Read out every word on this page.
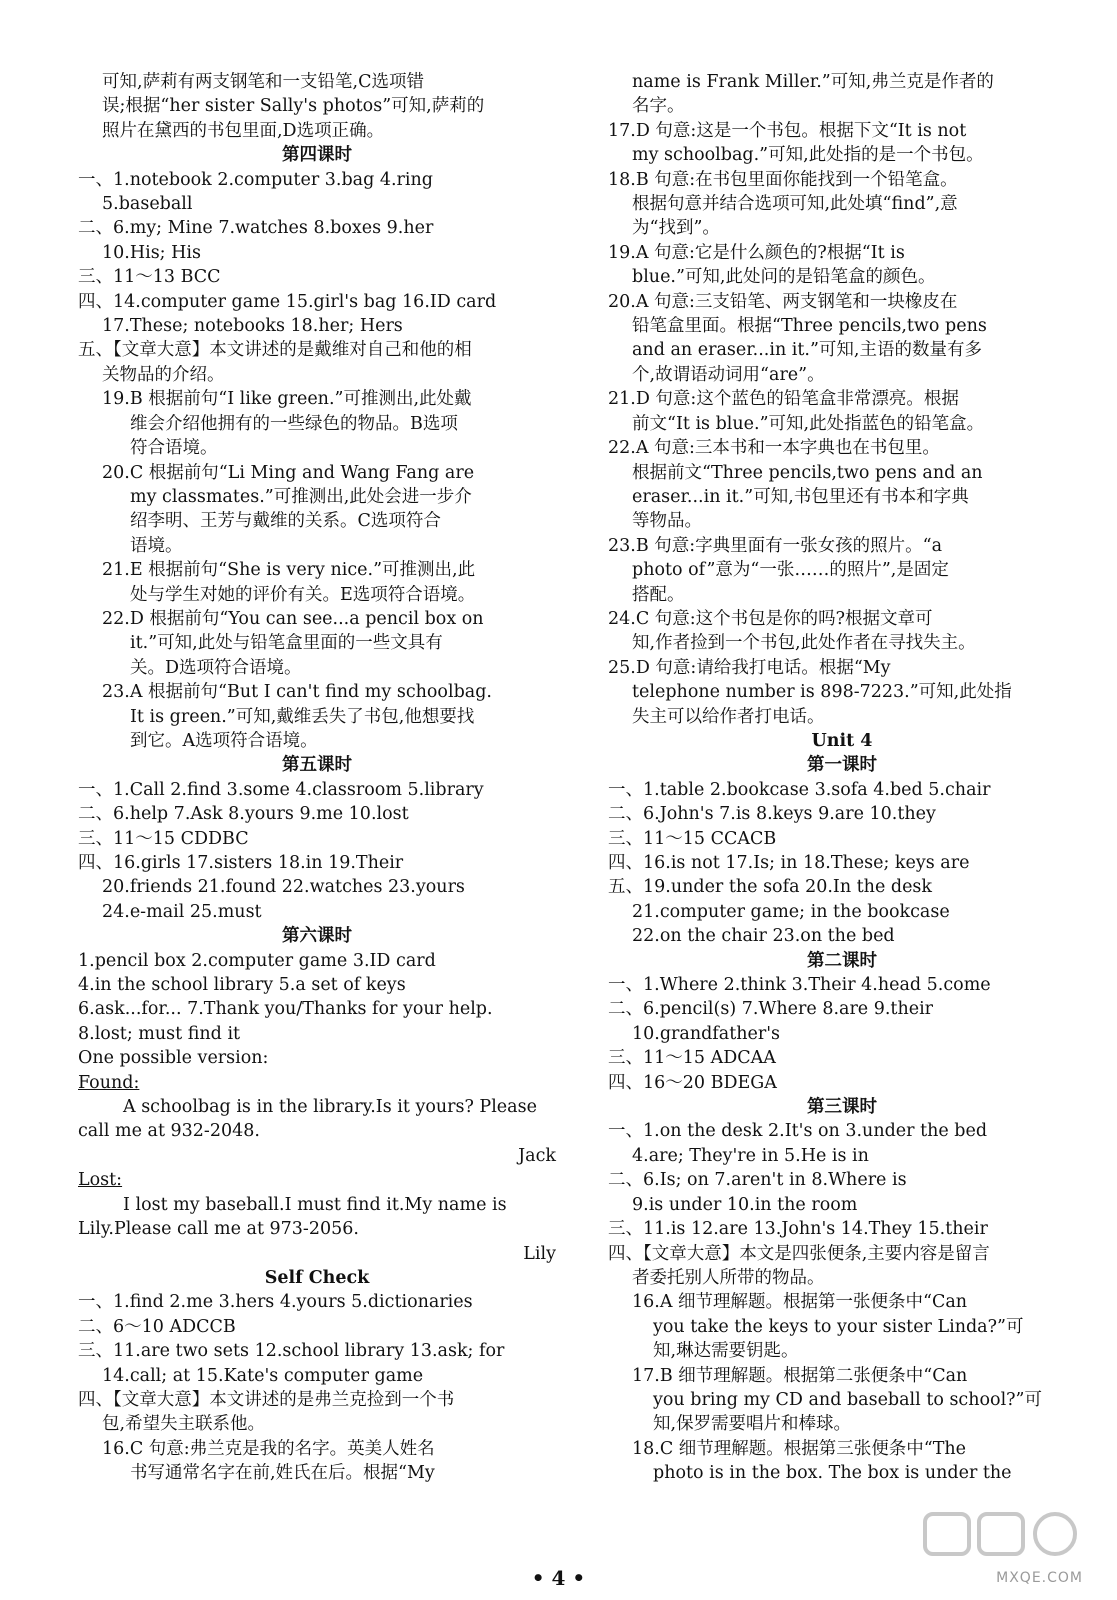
可知,萨莉有两支钢笔和一支铅笔,C选项错

误;根据“her sister Sally's photos”可知,萨莉的

照片在黛西的书包里面,D选项正确。

第四课时

一、1.notebook 2.computer 3.bag 4.ring

5.baseball

二、6.my; Mine 7.watches 8.boxes 9.her

10.His; His

三、11～13 BCC

四、14.computer game 15.girl's bag 16.ID card

17.These; notebooks 18.her; Hers

五、【文章大意】本文讲述的是戴维对自己和他的相

关物品的介绍。

19.B 根据前句“I like green.”可推测出,此处戴

维会介绍他拥有的一些绿色的物品。B选项

符合语境。

20.C 根据前句“Li Ming and Wang Fang are

my classmates.”可推测出,此处会进一步介

绍李明、王芳与戴维的关系。C选项符合

语境。

21.E 根据前句“She is very nice.”可推测出,此

处与学生对她的评价有关。E选项符合语境。

22.D 根据前句“You can see...a pencil box on

it.”可知,此处与铅笔盒里面的一些文具有

关。D选项符合语境。

23.A 根据前句“But I can't find my schoolbag.

It is green.”可知,戴维丢失了书包,他想要找

到它。A选项符合语境。

第五课时

一、1.Call 2.find 3.some 4.classroom 5.library

二、6.help 7.Ask 8.yours 9.me 10.lost

三、11～15 CDDBC

四、16.girls 17.sisters 18.in 19.Their

20.friends 21.found 22.watches 23.yours

24.e-mail 25.must

第六课时

1.pencil box 2.computer game 3.ID card

4.in the school library 5.a set of keys

6.ask...for... 7.Thank you/Thanks for your help.

8.lost; must find it

One possible version:

Found:

A schoolbag is in the library.Is it yours? Please

call me at 932-2048.

Jack

Lost:

I lost my baseball.I must find it.My name is

Lily.Please call me at 973-2056.

Lily

Self Check

一、1.find 2.me 3.hers 4.yours 5.dictionaries

二、6～10 ADCCB

三、11.are two sets 12.school library 13.ask; for

14.call; at 15.Kate's computer game

四、【文章大意】本文讲述的是弗兰克捡到一个书

包,希望失主联系他。

16.C 句意:弗兰克是我的名字。英美人姓名

书写通常名字在前,姓氏在后。根据“My

name is Frank Miller.”可知,弗兰克是作者的

名字。

17.D 句意:这是一个书包。根据下文“It is not

my schoolbag.”可知,此处指的是一个书包。

18.B 句意:在书包里面你能找到一个铅笔盒。

根据句意并结合选项可知,此处填“find”,意

为“找到”。

19.A 句意:它是什么颜色的?根据“It is

blue.”可知,此处问的是铅笔盒的颜色。

20.A 句意:三支铅笔、两支钢笔和一块橡皮在

铅笔盒里面。根据“Three pencils,two pens

and an eraser...in it.”可知,主语的数量有多

个,故谓语动词用“are”。

21.D 句意:这个蓝色的铅笔盒非常漂亮。根据

前文“It is blue.”可知,此处指蓝色的铅笔盒。

22.A 句意:三本书和一本字典也在书包里。

根据前文“Three pencils,two pens and an

eraser...in it.”可知,书包里还有书本和字典

等物品。

23.B 句意:字典里面有一张女孩的照片。“a

photo of”意为“一张……的照片”,是固定

搭配。

24.C 句意:这个书包是你的吗?根据文章可

知,作者捡到一个书包,此处作者在寻找失主。

25.D 句意:请给我打电话。根据“My

telephone number is 898-7223.”可知,此处指

失主可以给作者打电话。

Unit 4

第一课时

一、1.table 2.bookcase 3.sofa 4.bed 5.chair

二、6.John's 7.is 8.keys 9.are 10.they

三、11～15 CCACB

四、16.is not 17.Is; in 18.These; keys are

五、19.under the sofa 20.In the desk

21.computer game; in the bookcase

22.on the chair 23.on the bed

第二课时

一、1.Where 2.think 3.Their 4.head 5.come

二、6.pencil(s) 7.Where 8.are 9.their

10.grandfather's

三、11～15 ADCAA

四、16～20 BDEGA

第三课时

一、1.on the desk 2.It's on 3.under the bed

4.are; They're in 5.He is in

二、6.Is; on 7.aren't in 8.Where is

9.is under 10.in the room

三、11.is 12.are 13.John's 14.They 15.their

四、【文章大意】本文是四张便条,主要内容是留言

者委托别人所带的物品。

16.A 细节理解题。根据第一张便条中“Can

you take the keys to your sister Linda?”可

知,琳达需要钥匙。

17.B 细节理解题。根据第二张便条中“Can

you bring my CD and baseball to school?”可

知,保罗需要唱片和棒球。

18.C 细节理解题。根据第三张便条中“The

photo is in the box. The box is under the

• 4 •	MXQE.COM
